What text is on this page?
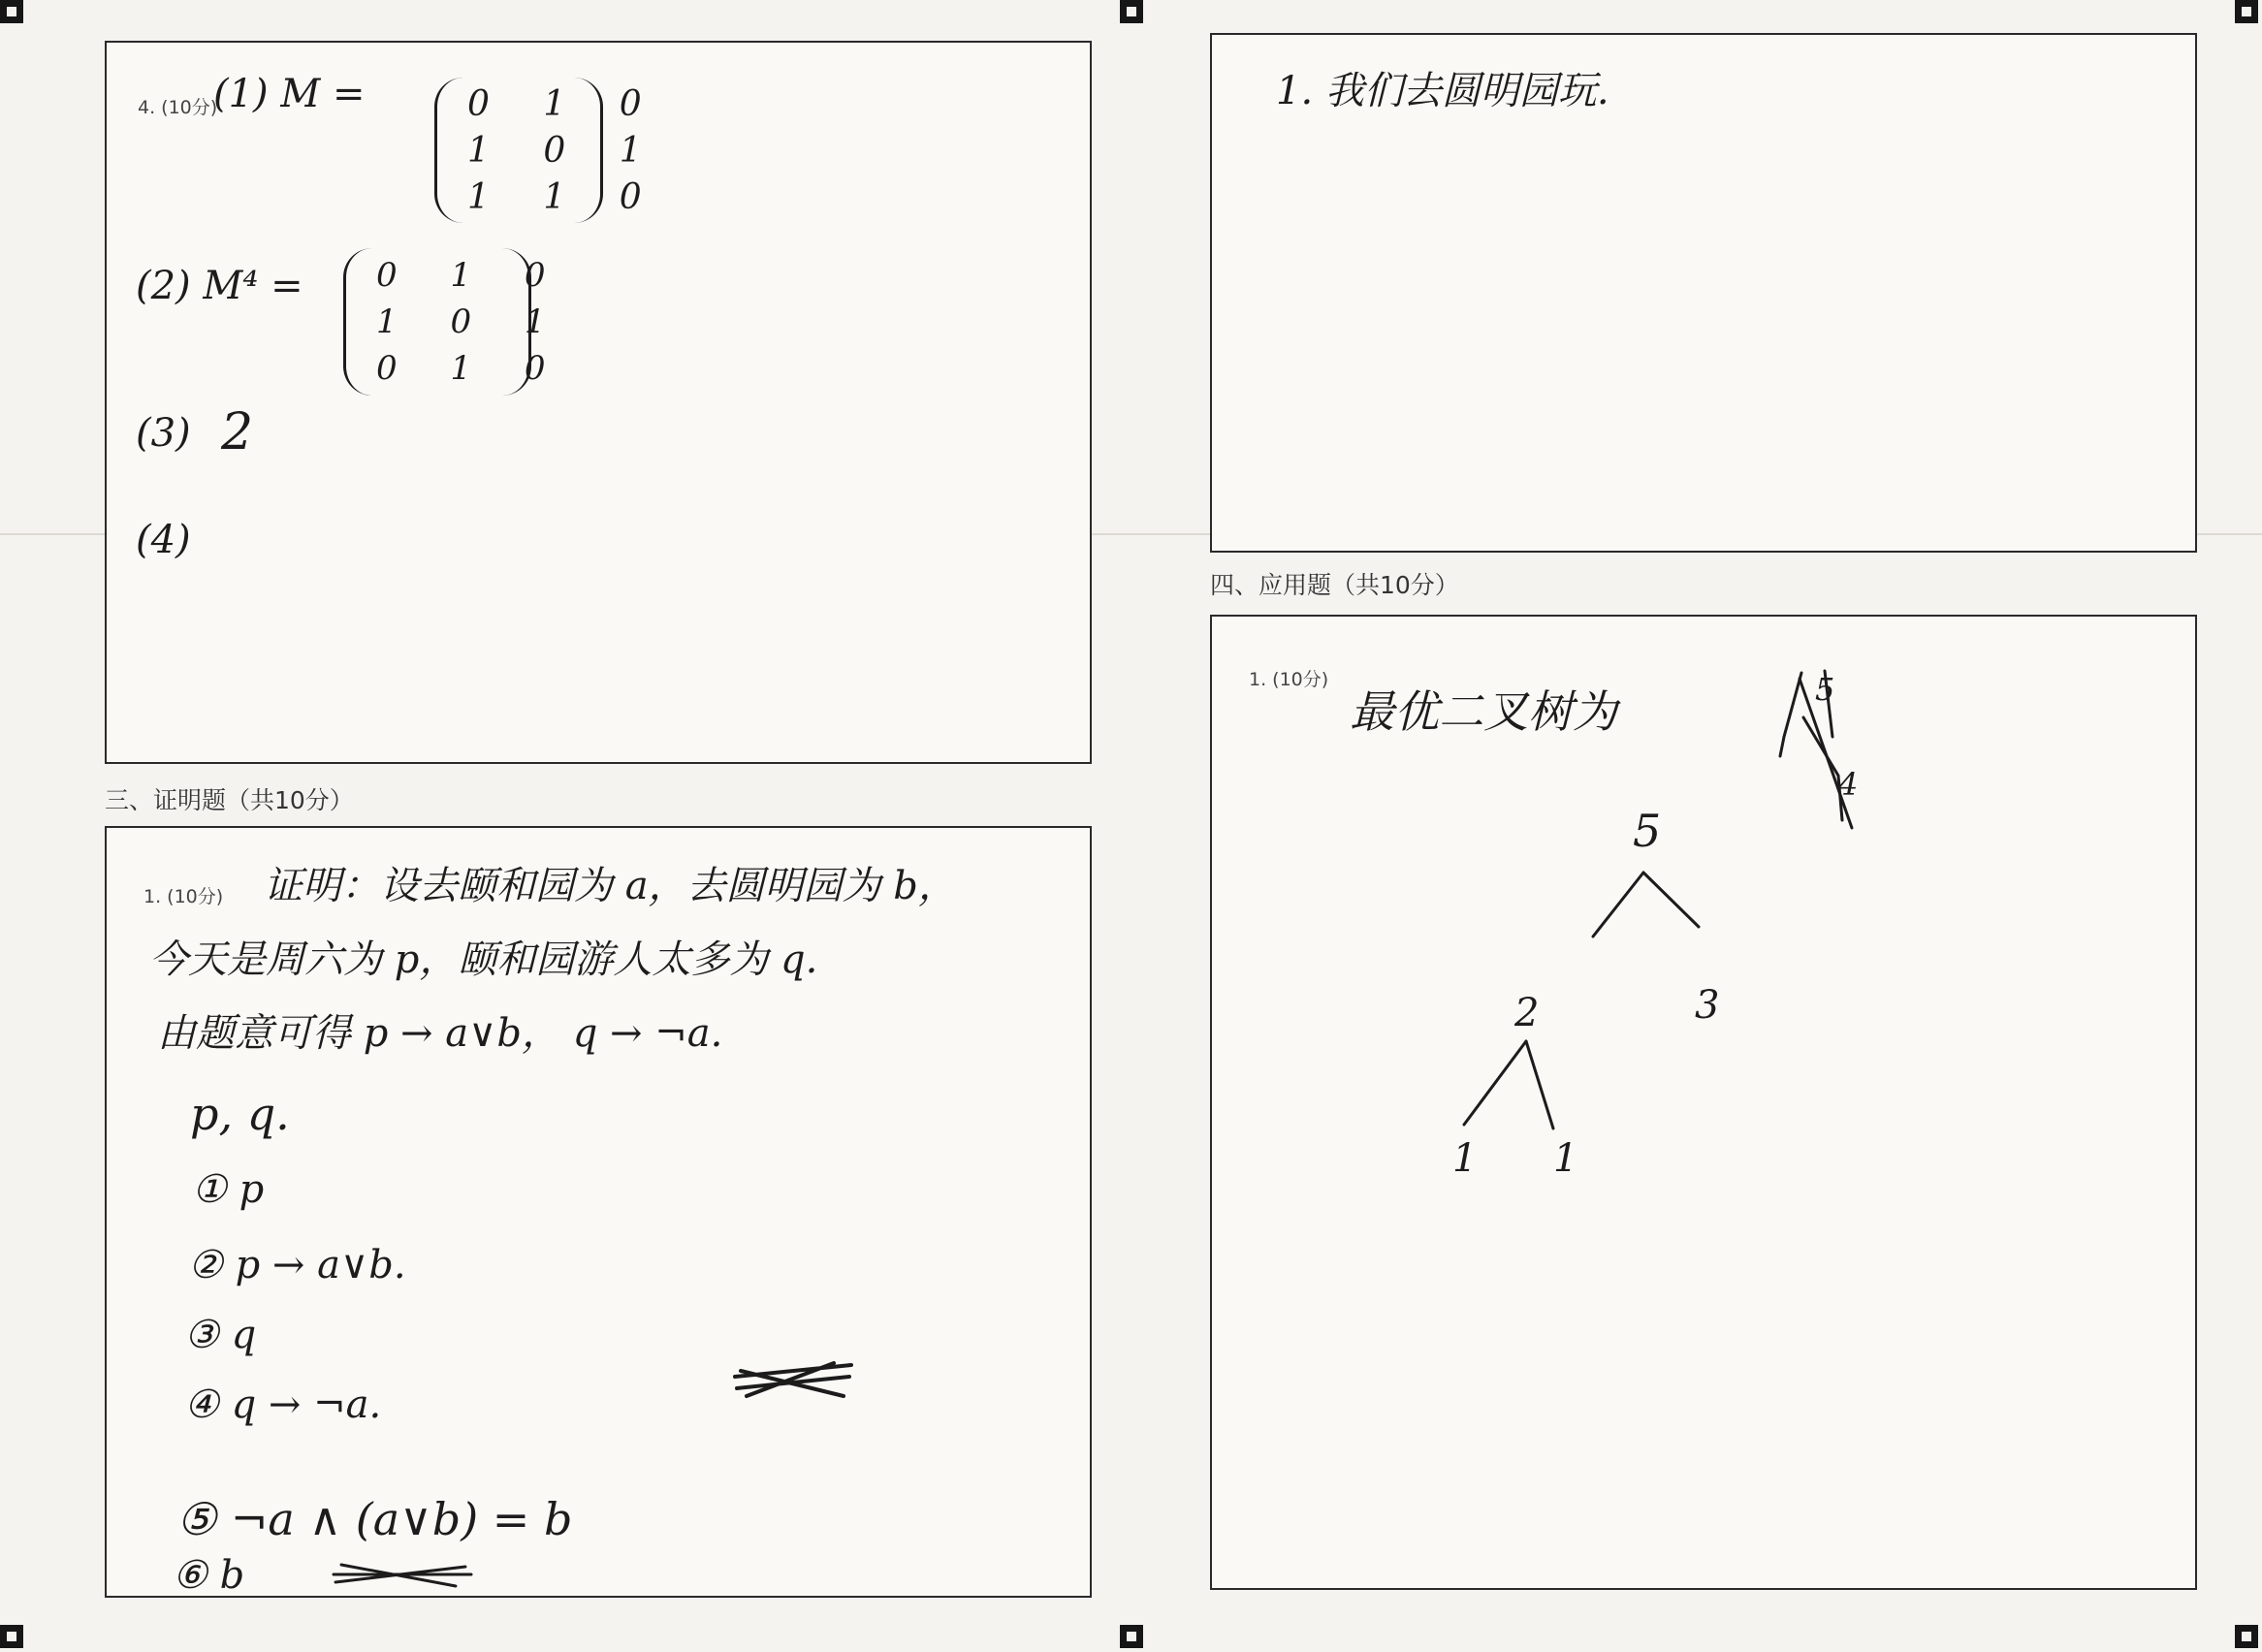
4. (10分)
(1) M =	0 1 0
1 0 1
1 1 0
(2) M⁴ = 0 1 0
1 0 1
0 1 0
(3) 2
(4)
三、证明题（共10分）
1. (10分) 证明：设去颐和园为 a，去圆明园为 b，
今天是周六为 p，颐和园游人太多为 q.
由题意可得 p → a∨b， q → ¬a.
p, q.
① p
② p → a∨b.
③ q
④ q → ¬a.
⑤ ¬a ∧ (a∨b) = b
⑥ b
1. 我们去圆明园玩.
四、应用题（共10分）
1. (10分)
最优二叉树为	5
4
5
2	3
1 1
